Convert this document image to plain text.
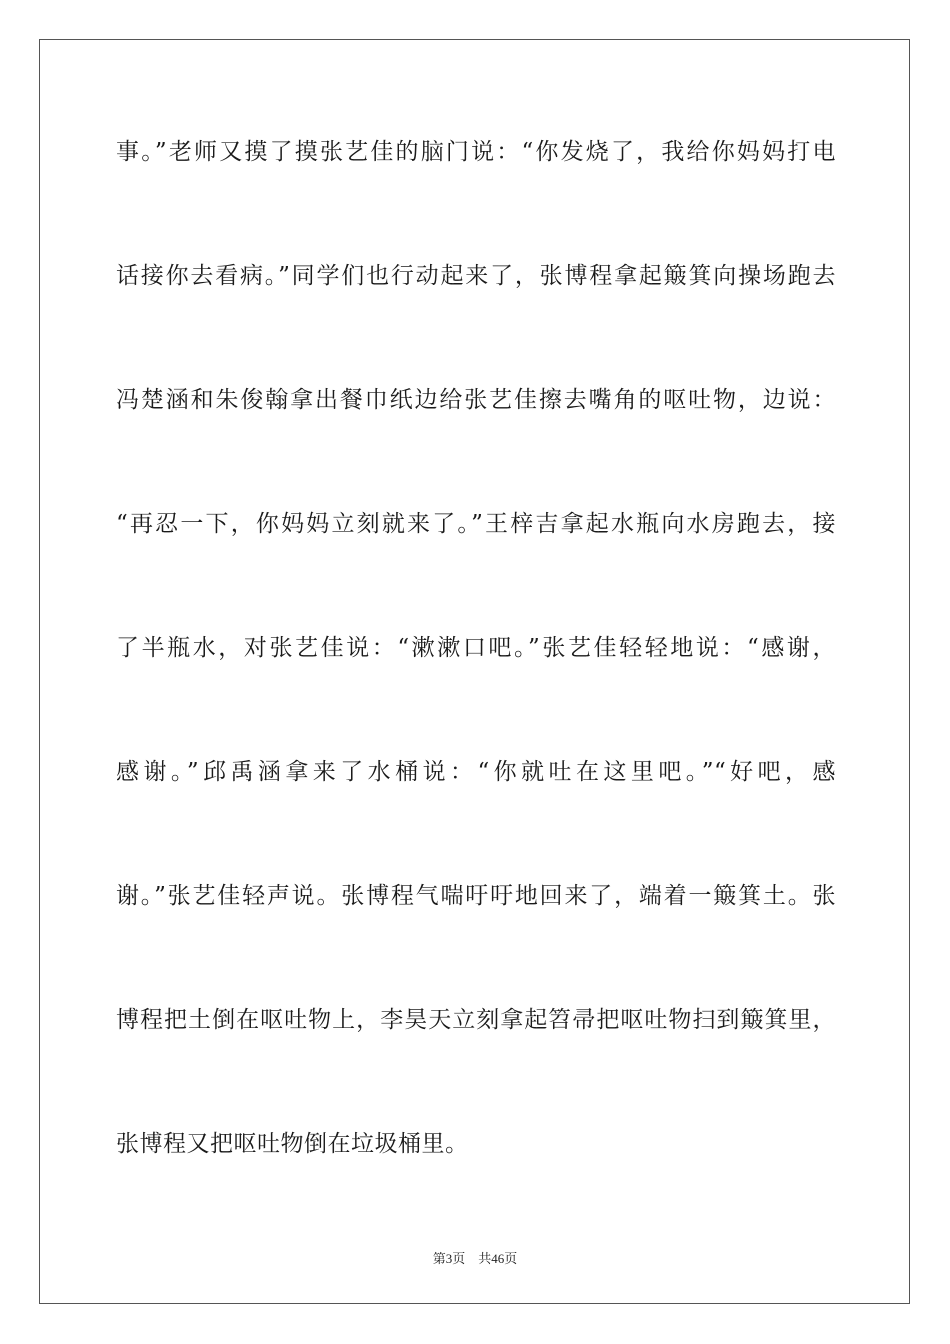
事。”老师又摸了摸张艺佳的脑门说：“你发烧了，我给你妈妈打电
话接你去看病。”同学们也行动起来了，张博程拿起簸箕向操场跑去
冯楚涵和朱俊翰拿出餐巾纸边给张艺佳擦去嘴角的呕吐物，边说：
“再忍一下，你妈妈立刻就来了。”王梓吉拿起水瓶向水房跑去，接
了半瓶水，对张艺佳说：“漱漱口吧。”张艺佳轻轻地说：“感谢，
感谢。”邱禹涵拿来了水桶说：“你就吐在这里吧。”“好吧，感
谢。”张艺佳轻声说。张博程气喘吁吁地回来了，端着一簸箕土。张
博程把土倒在呕吐物上，李昊天立刻拿起笤帚把呕吐物扫到簸箕里，
张博程又把呕吐物倒在垃圾桶里。
第3页 共46页
